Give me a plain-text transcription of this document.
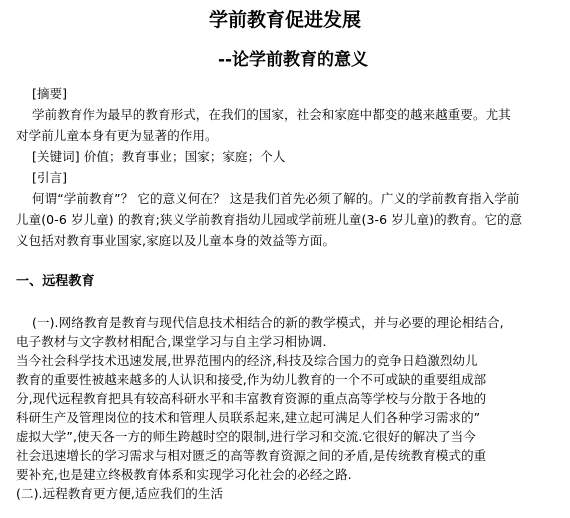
学前教育促进发展
--论学前教育的意义
[摘要]
学前教育作为最早的教育形式，在我们的国家，社会和家庭中都变的越来越重要。尤其
对学前儿童本身有更为显著的作用。
[关键词] 价值；教育事业；国家；家庭；个人
[引言]
何谓“学前教育”？ 它的意义何在？ 这是我们首先必须了解的。广义的学前教育指入学前
儿童(0-6 岁儿童) 的教育;狭义学前教育指幼儿园或学前班儿童(3-6 岁儿童)的教育。它的意
义包括对教育事业国家,家庭以及儿童本身的效益等方面。
一、远程教育
(一).网络教育是教育与现代信息技术相结合的新的教学模式，并与必要的理论相结合,
电子教材与文字教材相配合,课堂学习与自主学习相协调.
当今社会科学技术迅速发展,世界范围内的经济,科技及综合国力的竞争日趋激烈幼儿
教育的重要性被越来越多的人认识和接受,作为幼儿教育的一个不可或缺的重要组成部
分,现代远程教育把具有较高科研水平和丰富教育资源的重点高等学校与分散于各地的
科研生产及管理岗位的技术和管理人员联系起来,建立起可满足人们各种学习需求的”
虚拟大学”,使天各一方的师生跨越时空的限制,进行学习和交流.它很好的解决了当今
社会迅速增长的学习需求与相对匮乏的高等教育资源之间的矛盾,是传统教育模式的重
要补充,也是建立终极教育体系和实现学习化社会的必经之路.
(二).远程教育更方便,适应我们的生活
